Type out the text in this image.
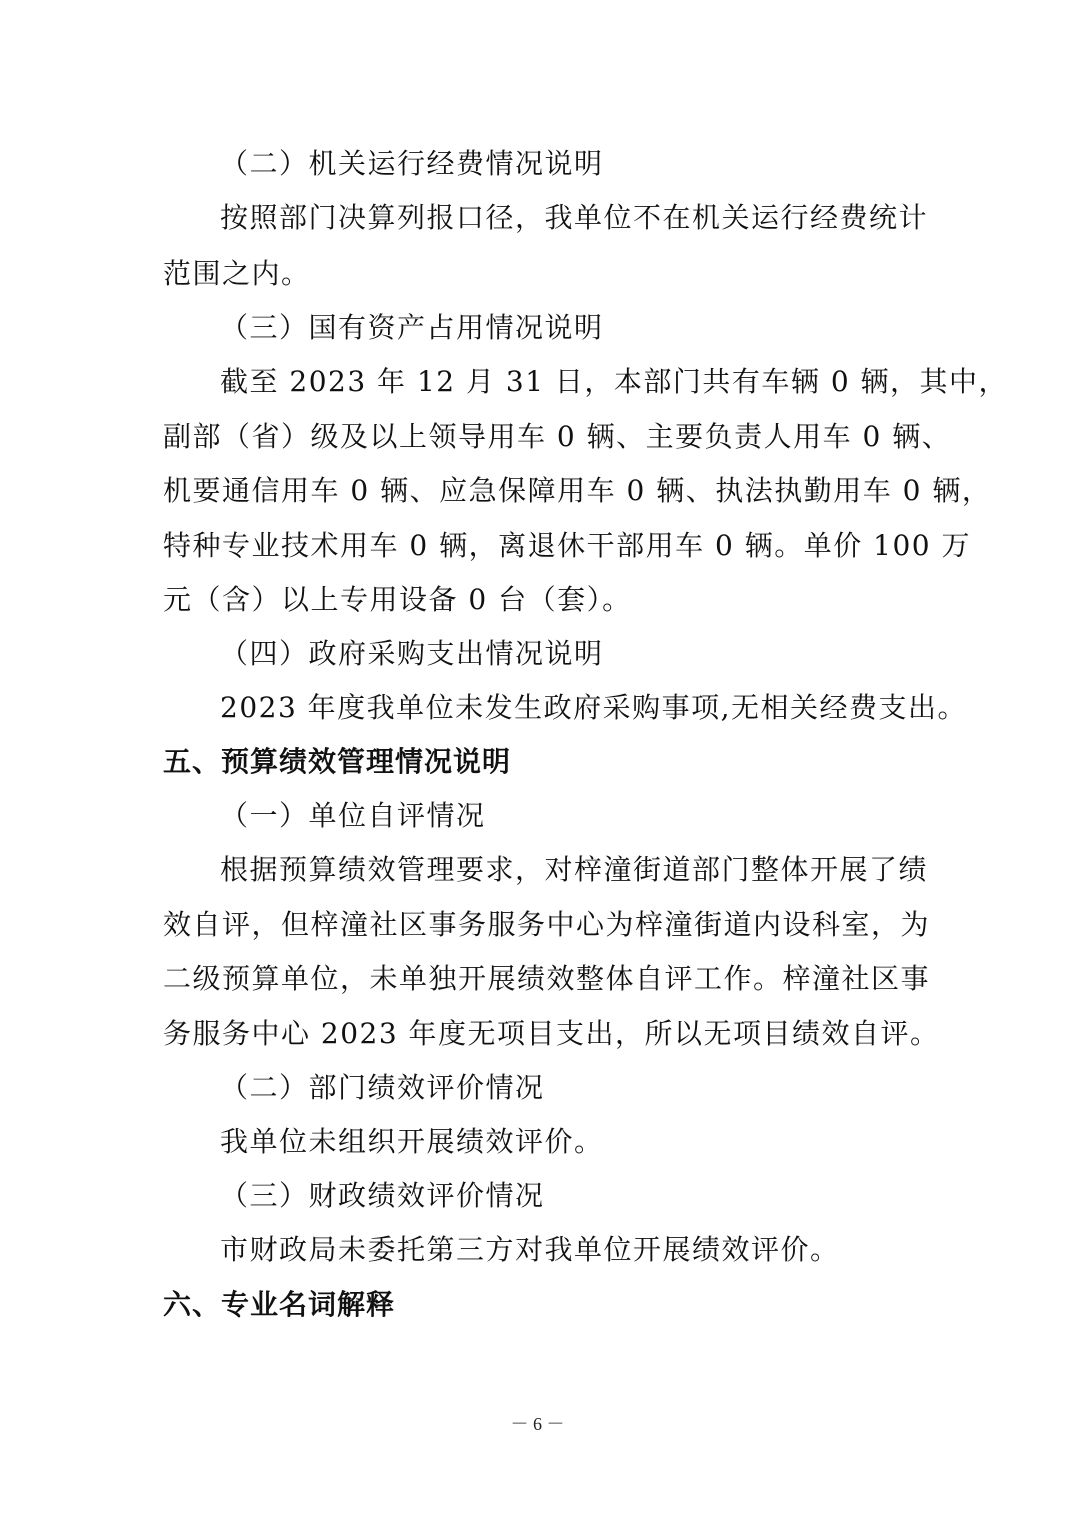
（二）机关运行经费情况说明
按照部门决算列报口径，我单位不在机关运行经费统计
范围之内。
（三）国有资产占用情况说明
截至 2023 年 12 月 31 日，本部门共有车辆 0 辆，其中，
副部（省）级及以上领导用车 0 辆、主要负责人用车 0 辆、
机要通信用车 0 辆、应急保障用车 0 辆、执法执勤用车 0 辆，
特种专业技术用车 0 辆，离退休干部用车 0 辆。单价 100 万
元（含）以上专用设备 0 台（套）。
（四）政府采购支出情况说明
2023 年度我单位未发生政府采购事项,无相关经费支出。
五、预算绩效管理情况说明
（一）单位自评情况
根据预算绩效管理要求，对梓潼街道部门整体开展了绩
效自评，但梓潼社区事务服务中心为梓潼街道内设科室，为
二级预算单位，未单独开展绩效整体自评工作。梓潼社区事
务服务中心 2023 年度无项目支出，所以无项目绩效自评。
（二）部门绩效评价情况
我单位未组织开展绩效评价。
（三）财政绩效评价情况
市财政局未委托第三方对我单位开展绩效评价。
六、专业名词解释
－ 6 －
